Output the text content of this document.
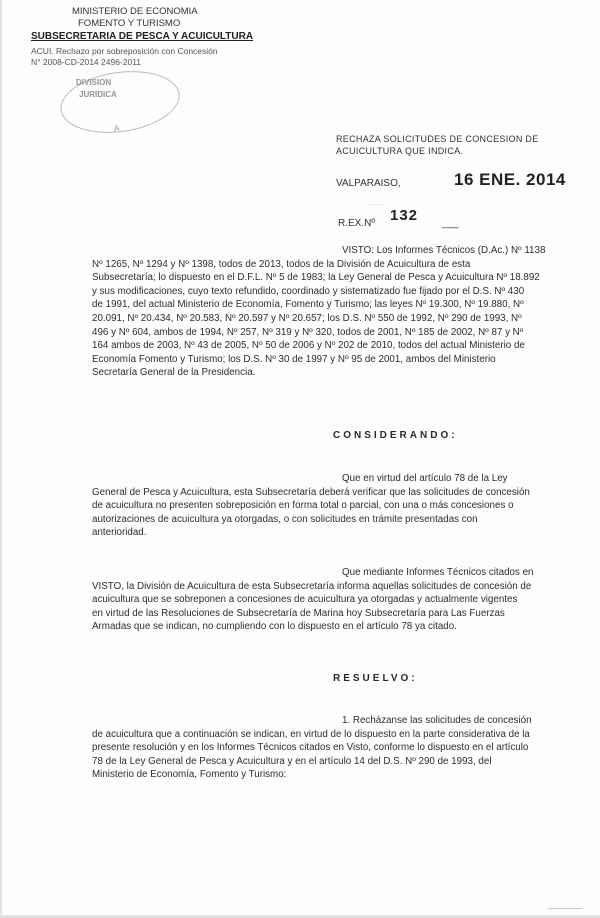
MINISTERIO DE ECONOMIA
FOMENTO Y TURISMO
SUBSECRETARIA DE PESCA Y ACUICULTURA
ACUI. Rechazo por sobreposición con Concesión
N° 2008-CD-2014 2496-2011
DIVISION
JURIDICA
A
RECHAZA SOLICITUDES DE CONCESION DE
ACUICULTURA QUE INDICA.
VALPARAISO,	16 ENE. 2014
· · · ·
R.EX.Nº 132 ___
VISTO: Los Informes Técnicos (D.Ac.) Nº 1138
Nº 1265, Nº 1294 y Nº 1398, todos de 2013, todos de la División de Acuicultura de esta
Subsecretaría; lo dispuesto en el D.F.L. Nº 5 de 1983; la Ley General de Pesca y Acuicultura Nº 18.892
y sus modificaciones, cuyo texto refundido, coordinado y sistematizado fue fijado por el D.S. Nº 430
de 1991, del actual Ministerio de Economía, Fomento y Turismo; las leyes Nº 19.300, Nº 19.880, Nº
20.091, Nº 20.434, Nº 20.583, Nº 20.597 y Nº 20.657; los D.S. Nº 550 de 1992, Nº 290 de 1993, Nº
496 y Nº 604, ambos de 1994, Nº 257, Nº 319 y Nº 320, todos de 2001, Nº 185 de 2002, Nº 87 y Nº
164 ambos de 2003, Nº 43 de 2005, Nº 50 de 2006 y Nº 202 de 2010, todos del actual Ministerio de
Economía Fomento y Turismo; los D.S. Nº 30 de 1997 y Nº 95 de 2001, ambos del Ministerio
Secretaría General de la Presidencia.
CONSIDERANDO:
Que en virtud del artículo 78 de la Ley
General de Pesca y Acuicultura, esta Subsecretaría deberá verificar que las solicitudes de concesión
de acuicultura no presenten sobreposición en forma total o parcial, con una o más concesiones o
autorizaciones de acuicultura ya otorgadas, o con solicitudes en trámite presentadas con
anterioridad.
Que mediante Informes Técnicos citados en
VISTO, la División de Acuicultura de esta Subsecretaría informa aquellas solicitudes de concesión de
acuicultura que se sobreponen a concesiones de acuicultura ya otorgadas y actualmente vigentes
en virtud de las Resoluciones de Subsecretaría de Marina hoy Subsecretaría para Las Fuerzas
Armadas que se indican, no cumpliendo con lo dispuesto en el artículo 78 ya citado.
RESUELVO:
1. Recházanse las solicitudes de concesión
de acuicultura que a continuación se indican, en virtud de lo dispuesto en la parte considerativa de la
presente resolución y en los Informes Técnicos citados en Visto, conforme lo dispuesto en el artículo
78 de la Ley General de Pesca y Acuicultura y en el artículo 14 del D.S. Nº 290 de 1993, del
Ministerio de Economía, Fomento y Turismo:
